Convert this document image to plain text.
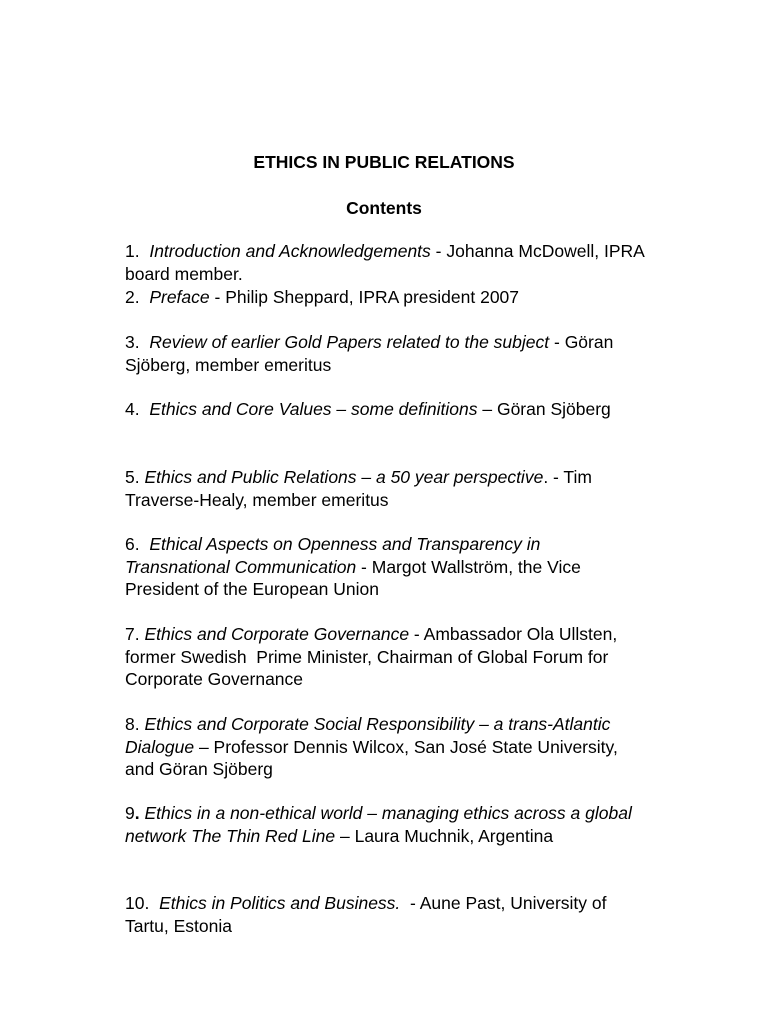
ETHICS IN PUBLIC RELATIONS
Contents
1.  Introduction and Acknowledgements - Johanna McDowell, IPRA board member.
2.  Preface - Philip Sheppard, IPRA president 2007
3.  Review of earlier Gold Papers related to the subject - Göran Sjöberg, member emeritus
4.  Ethics and Core Values – some definitions – Göran Sjöberg
5. Ethics and Public Relations – a 50 year perspective. - Tim Traverse-Healy, member emeritus
6.  Ethical Aspects on Openness and Transparency in Transnational Communication - Margot Wallström, the Vice President of the European Union
7. Ethics and Corporate Governance - Ambassador Ola Ullsten, former Swedish  Prime Minister, Chairman of Global Forum for Corporate Governance
8. Ethics and Corporate Social Responsibility – a trans-Atlantic Dialogue – Professor Dennis Wilcox, San José State University, and Göran Sjöberg
9. Ethics in a non-ethical world – managing ethics across a global network The Thin Red Line – Laura Muchnik, Argentina
10.  Ethics in Politics and Business.  - Aune Past, University of Tartu, Estonia
